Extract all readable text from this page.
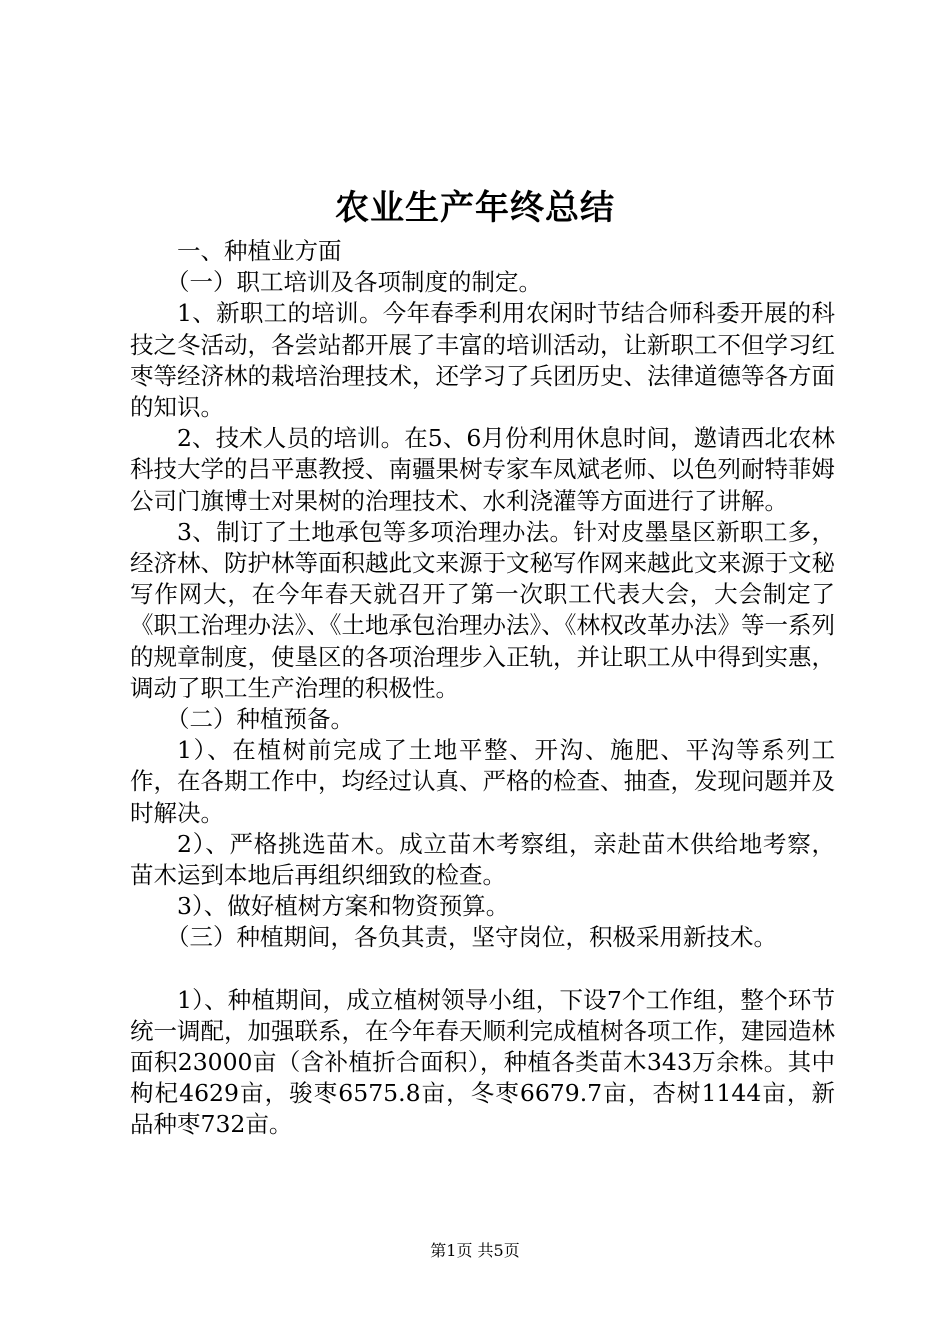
农业生产年终总结

一、种植业方面

（一）职工培训及各项制度的制定。

1、新职工的培训。今年春季利用农闲时节结合师科委开展的科技之冬活动，各尝站都开展了丰富的培训活动，让新职工不但学习红枣等经济林的栽培治理技术，还学习了兵团历史、法律道德等各方面的知识。

2、技术人员的培训。在5、6月份利用休息时间，邀请西北农林科技大学的吕平惠教授、南疆果树专家车凤斌老师、以色列耐特菲姆公司门旗博士对果树的治理技术、水利浇灌等方面进行了讲解。

3、制订了土地承包等多项治理办法。针对皮墨垦区新职工多，经济林、防护林等面积越此文来源于文秘写作网来越此文来源于文秘写作网大，在今年春天就召开了第一次职工代表大会，大会制定了《职工治理办法》、《土地承包治理办法》、《林权改革办法》等一系列的规章制度，使垦区的各项治理步入正轨，并让职工从中得到实惠，调动了职工生产治理的积极性。

（二）种植预备。

1）、在植树前完成了土地平整、开沟、施肥、平沟等系列工作，在各期工作中，均经过认真、严格的检查、抽查，发现问题并及时解决。

2）、严格挑选苗木。成立苗木考察组，亲赴苗木供给地考察，苗木运到本地后再组织细致的检查。

3）、做好植树方案和物资预算。

（三）种植期间，各负其责，坚守岗位，积极采用新技术。

1）、种植期间，成立植树领导小组，下设7个工作组，整个环节统一调配，加强联系，在今年春天顺利完成植树各项工作，建园造林面积23000亩（含补植折合面积），种植各类苗木343万余株。其中枸杞4629亩，骏枣6575.8亩，冬枣6679.7亩，杏树1144亩，新品种枣732亩。

第1页 共5页
